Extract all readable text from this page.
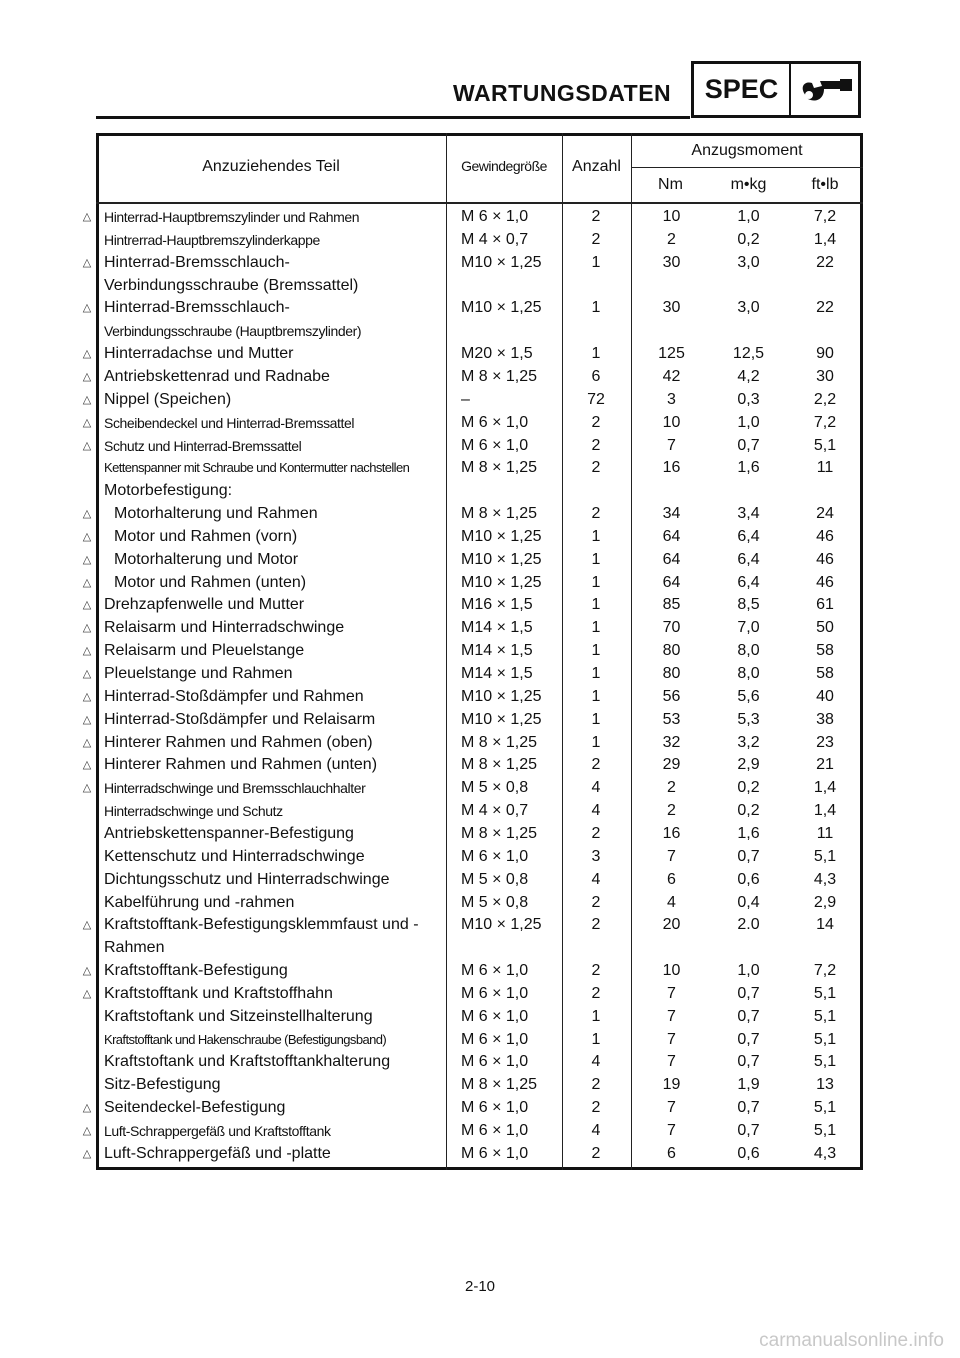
WARTUNGSDATEN	SPEC
Anzuziehendes Teil	Gewindegröße	Anzahl
Anzugsmoment
Nm	m•kg	ft•lb
△ Hinterrad-Hauptbremszylinder und Rahmen	M 6 × 1,0	2	10	1,0	7,2
Hintrerrad-Hauptbremszylinderkappe	M 4 × 0,7	2	2	0,2	1,4
△ Hinterrad-Bremsschlauch-	M10 × 1,25	1	30	3,0	22
Verbindungsschraube (Bremssattel)
△ Hinterrad-Bremsschlauch-	M10 × 1,25	1	30	3,0	22
Verbindungsschraube (Hauptbremszylinder)
△ Hinterradachse und Mutter	M20 × 1,5	1	125	12,5	90
△ Antriebskettenrad und Radnabe	M 8 × 1,25	6	42	4,2	30
△ Nippel (Speichen)	–	72	3	0,3	2,2
△ Scheibendeckel und Hinterrad-Bremssattel	M 6 × 1,0	2	10	1,0	7,2
△ Schutz und Hinterrad-Bremssattel	M 6 × 1,0	2	7	0,7	5,1
Kettenspanner mit Schraube und Kontermutter nachstellen	M 8 × 1,25	2	16	1,6	11
Motorbefestigung:
△ Motorhalterung und Rahmen	M 8 × 1,25	2	34	3,4	24
△ Motor und Rahmen (vorn)	M10 × 1,25	1	64	6,4	46
△ Motorhalterung und Motor	M10 × 1,25	1	64	6,4	46
△ Motor und Rahmen (unten)	M10 × 1,25	1	64	6,4	46
△ Drehzapfenwelle und Mutter	M16 × 1,5	1	85	8,5	61
△ Relaisarm und Hinterradschwinge	M14 × 1,5	1	70	7,0	50
△ Relaisarm und Pleuelstange	M14 × 1,5	1	80	8,0	58
△ Pleuelstange und Rahmen	M14 × 1,5	1	80	8,0	58
△ Hinterrad-Stoßdämpfer und Rahmen	M10 × 1,25	1	56	5,6	40
△ Hinterrad-Stoßdämpfer und Relaisarm	M10 × 1,25	1	53	5,3	38
△ Hinterer Rahmen und Rahmen (oben)	M 8 × 1,25	1	32	3,2	23
△ Hinterer Rahmen und Rahmen (unten)	M 8 × 1,25	2	29	2,9	21
△ Hinterradschwinge und Bremsschlauchhalter	M 5 × 0,8	4	2	0,2	1,4
Hinterradschwinge und Schutz	M 4 × 0,7	4	2	0,2	1,4
Antriebskettenspanner-Befestigung	M 8 × 1,25	2	16	1,6	11
Kettenschutz und Hinterradschwinge	M 6 × 1,0	3	7	0,7	5,1
Dichtungsschutz und Hinterradschwinge	M 5 × 0,8	4	6	0,6	4,3
Kabelführung und -rahmen	M 5 × 0,8	2	4	0,4	2,9
△ Kraftstofftank-Befestigungsklemmfaust und -	M10 × 1,25	2	20	2.0	14
Rahmen
△ Kraftstofftank-Befestigung	M 6 × 1,0	2	10	1,0	7,2
△ Kraftstofftank und Kraftstoffhahn	M 6 × 1,0	2	7	0,7	5,1
Kraftstoftank und Sitzeinstellhalterung	M 6 × 1,0	1	7	0,7	5,1
Kraftstofftank und Hakenschraube (Befestigungsband)	M 6 × 1,0	1	7	0,7	5,1
Kraftstoftank und Kraftstofftankhalterung	M 6 × 1,0	4	7	0,7	5,1
Sitz-Befestigung	M 8 × 1,25	2	19	1,9	13
△ Seitendeckel-Befestigung	M 6 × 1,0	2	7	0,7	5,1
△ Luft-Schrappergefäß und Kraftstofftank	M 6 × 1,0	4	7	0,7	5,1
△ Luft-Schrappergefäß und -platte	M 6 × 1,0	2	6	0,6	4,3
2-10
carmanualsonline.info
